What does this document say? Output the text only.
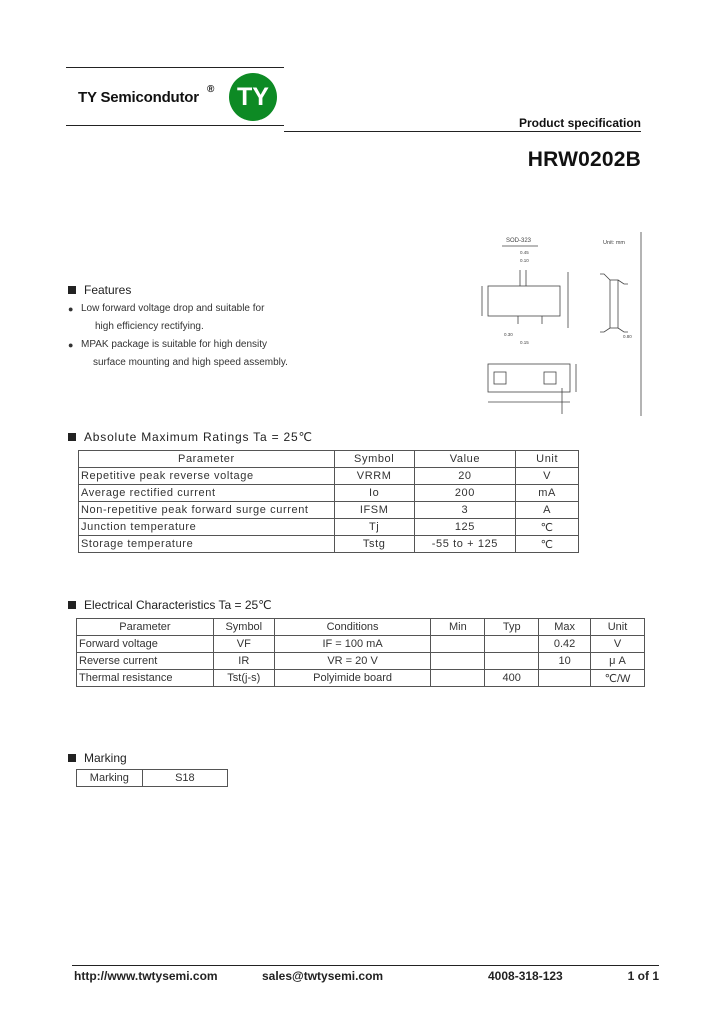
TY Semicondutor ® TY
Product specification
HRW0202B
SOD-323	Unit: mm
0.45
0.10
0.30
0.15
0.80
Features
● Low forward voltage drop and suitable for
high efficiency rectifying.
● MPAK package is suitable for high density
surface mounting and high speed assembly.
Absolute Maximum Ratings Ta = 25℃
Parameter	Symbol	Value	Unit
Repetitive peak reverse voltage	VRRM	20	V
Average rectified current	Io	200	mA
Non-repetitive peak forward surge current	IFSM	3	A
Junction temperature	Tj	125	℃
Storage temperature	Tstg	-55 to + 125	℃
Electrical Characteristics Ta = 25℃
Parameter	Symbol	Conditions	Min	Typ	Max	Unit
Forward voltage	VF	IF = 100 mA			0.42	V
Reverse current	IR	VR = 20 V			10	μ A
Thermal resistance	Tst(j-s)	Polyimide board		400		℃/W
Marking
Marking	S18
http://www.twtysemi.com	sales@twtysemi.com	4008-318-123	1 of 1
